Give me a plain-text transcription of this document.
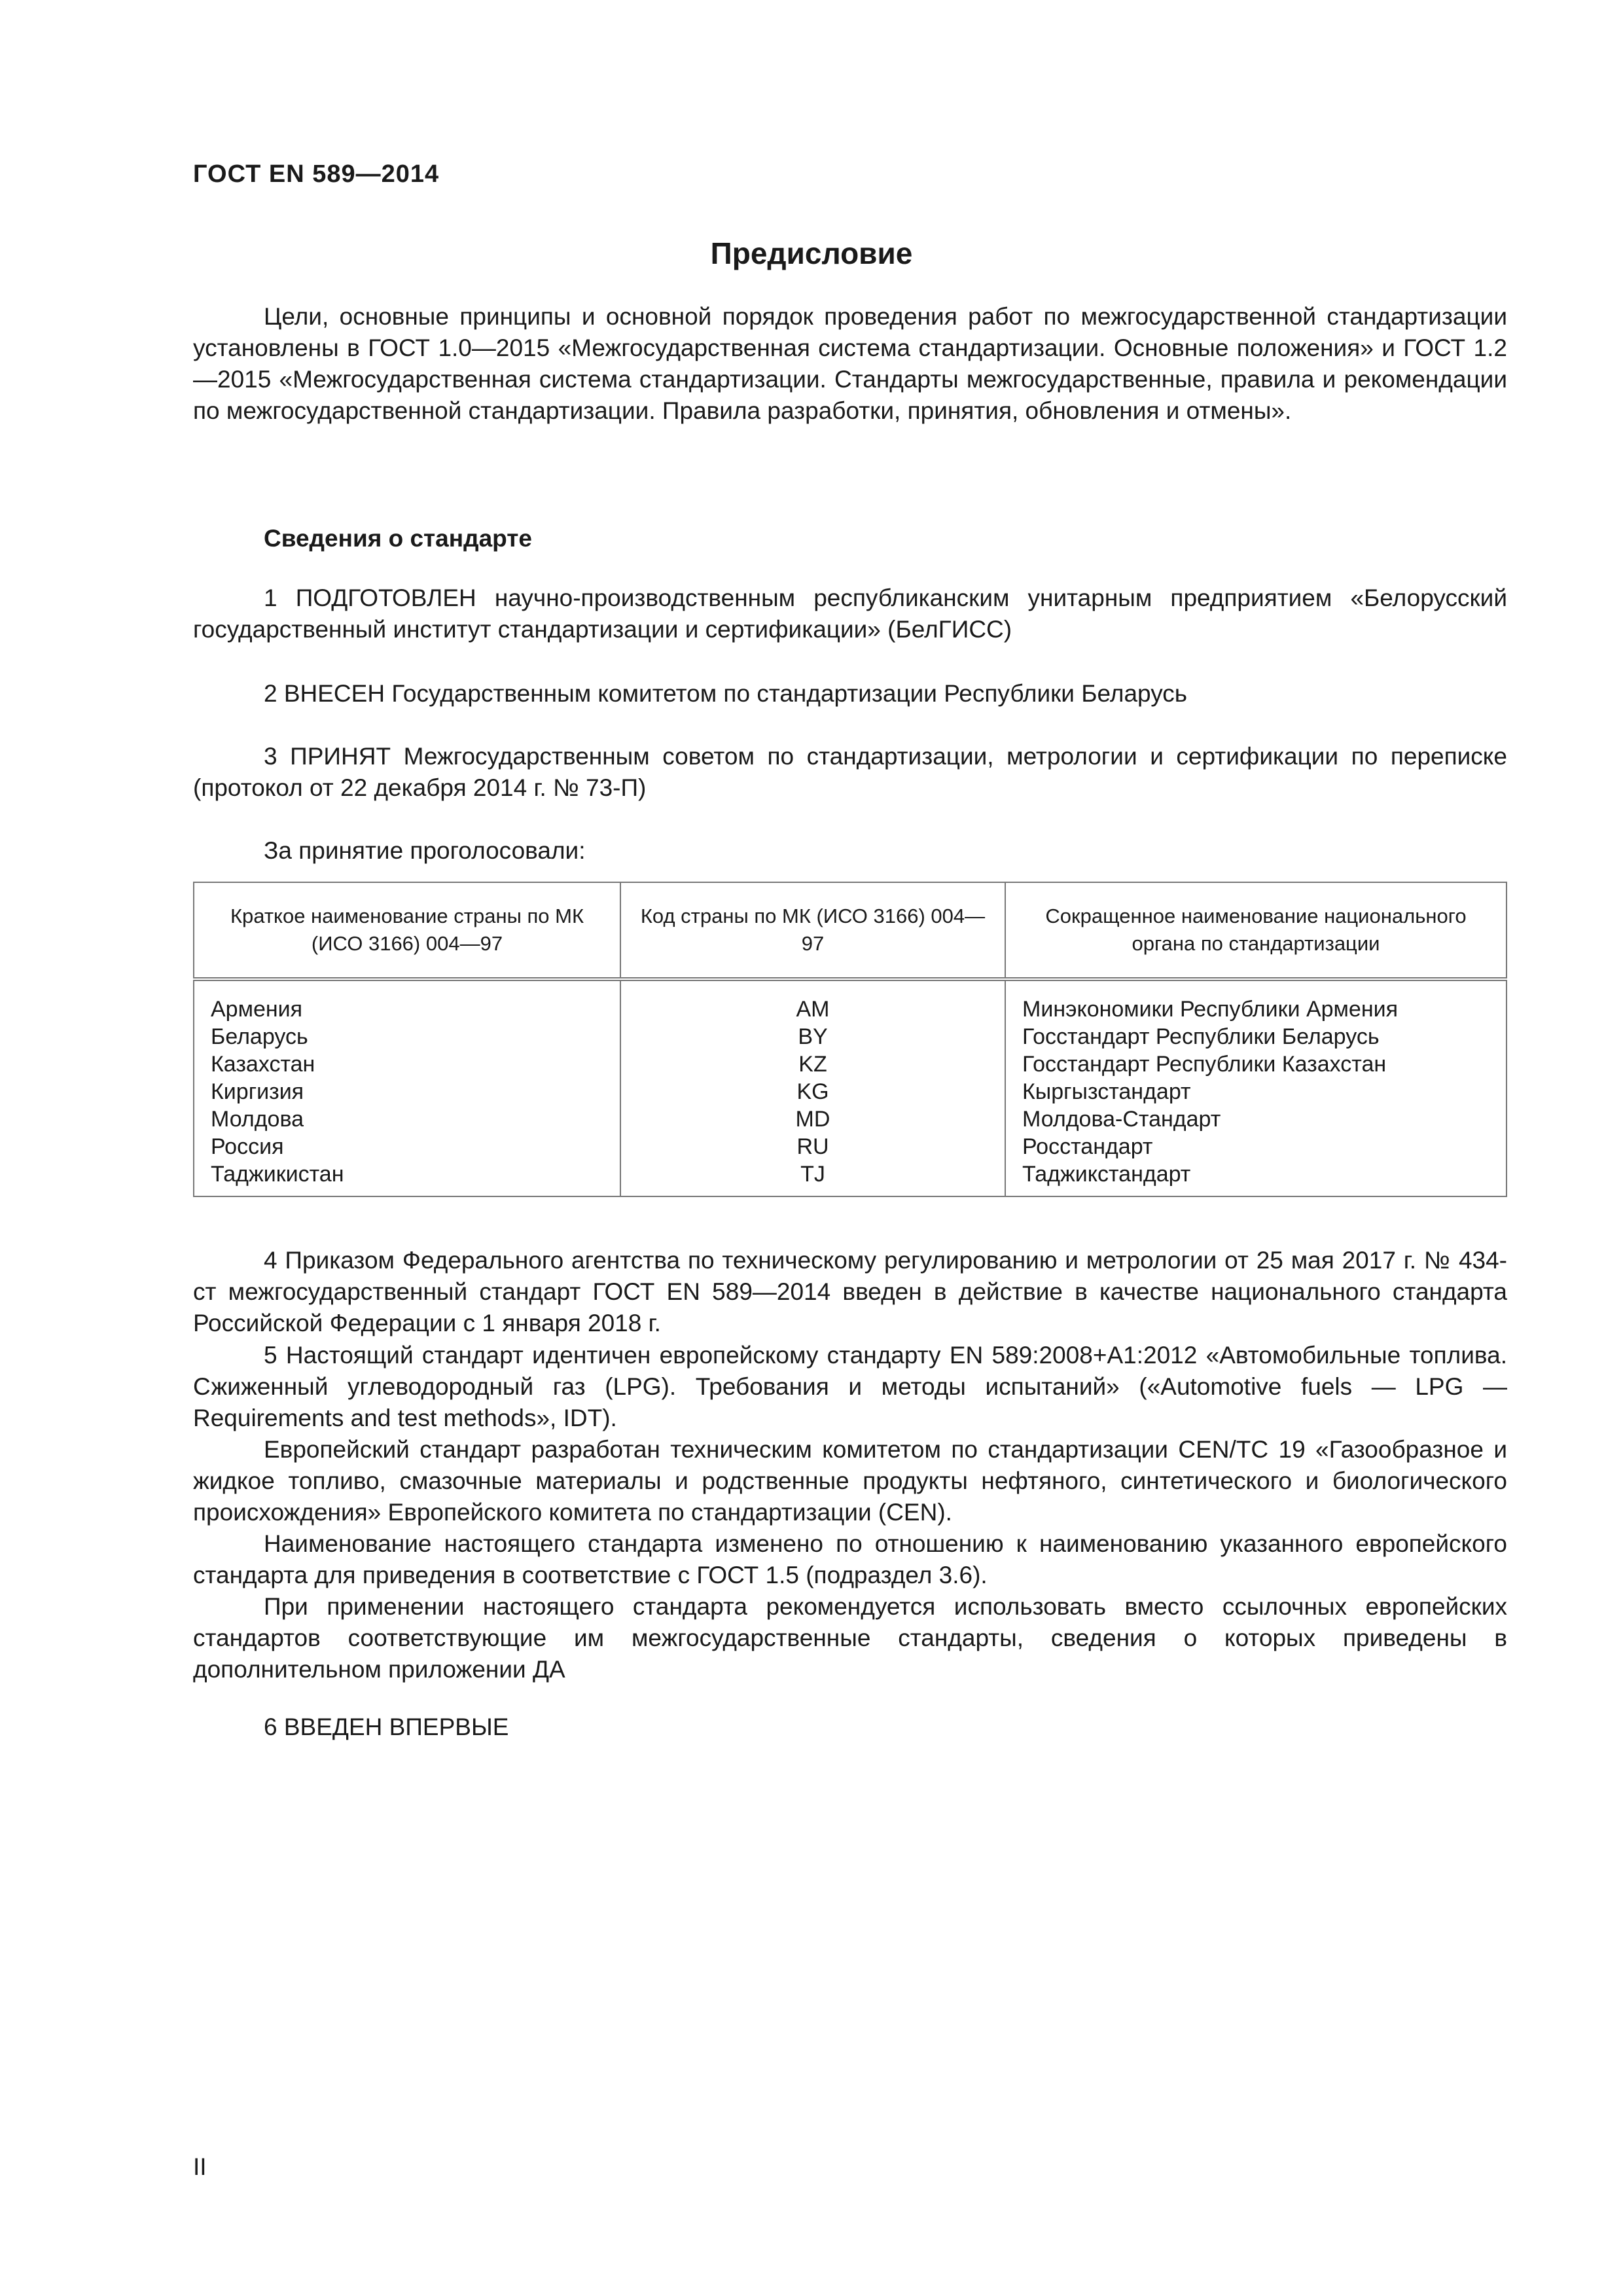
ГОСТ EN 589—2014
Предисловие
Цели, основные принципы и основной порядок проведения работ по межгосударственной стандартизации установлены в ГОСТ 1.0—2015 «Межгосударственная система стандартизации. Основные положения» и ГОСТ 1.2—2015 «Межгосударственная система стандартизации. Стандарты межгосударственные, правила и рекомендации по межгосударственной стандартизации. Правила разработки, принятия, обновления и отмены».
Сведения о стандарте
1 ПОДГОТОВЛЕН научно-производственным республиканским унитарным предприятием «Белорусский государственный институт стандартизации и сертификации» (БелГИСС)
2 ВНЕСЕН Государственным комитетом по стандартизации Республики Беларусь
3 ПРИНЯТ Межгосударственным советом по стандартизации, метрологии и сертификации по переписке (протокол от 22 декабря 2014 г. № 73-П)
За принятие проголосовали:
Краткое наименование страны по МК (ИСО 3166) 004—97	Код страны по МК (ИСО 3166) 004—97	Сокращенное наименование национального органа по стандартизации
Армения	AM	Минэкономики Республики Армения
Беларусь	BY	Госстандарт Республики Беларусь
Казахстан	KZ	Госстандарт Республики Казахстан
Киргизия	KG	Кыргызстандарт
Молдова	MD	Молдова-Стандарт
Россия	RU	Росстандарт
Таджикистан	TJ	Таджикстандарт
4 Приказом Федерального агентства по техническому регулированию и метрологии от 25 мая 2017 г. № 434-ст межгосударственный стандарт ГОСТ EN 589—2014 введен в действие в качестве национального стандарта Российской Федерации с 1 января 2018 г.
5 Настоящий стандарт идентичен европейскому стандарту EN 589:2008+A1:2012 «Автомобильные топлива. Сжиженный углеводородный газ (LPG). Требования и методы испытаний» («Automotive fuels — LPG — Requirements and test methods», IDT).
Европейский стандарт разработан техническим комитетом по стандартизации CEN/TC 19 «Газообразное и жидкое топливо, смазочные материалы и родственные продукты нефтяного, синтетического и биологического происхождения» Европейского комитета по стандартизации (CEN).
Наименование настоящего стандарта изменено по отношению к наименованию указанного европейского стандарта для приведения в соответствие с ГОСТ 1.5 (подраздел 3.6).
При применении настоящего стандарта рекомендуется использовать вместо ссылочных европейских стандартов соответствующие им межгосударственные стандарты, сведения о которых приведены в дополнительном приложении ДА
6 ВВЕДЕН ВПЕРВЫЕ
II
